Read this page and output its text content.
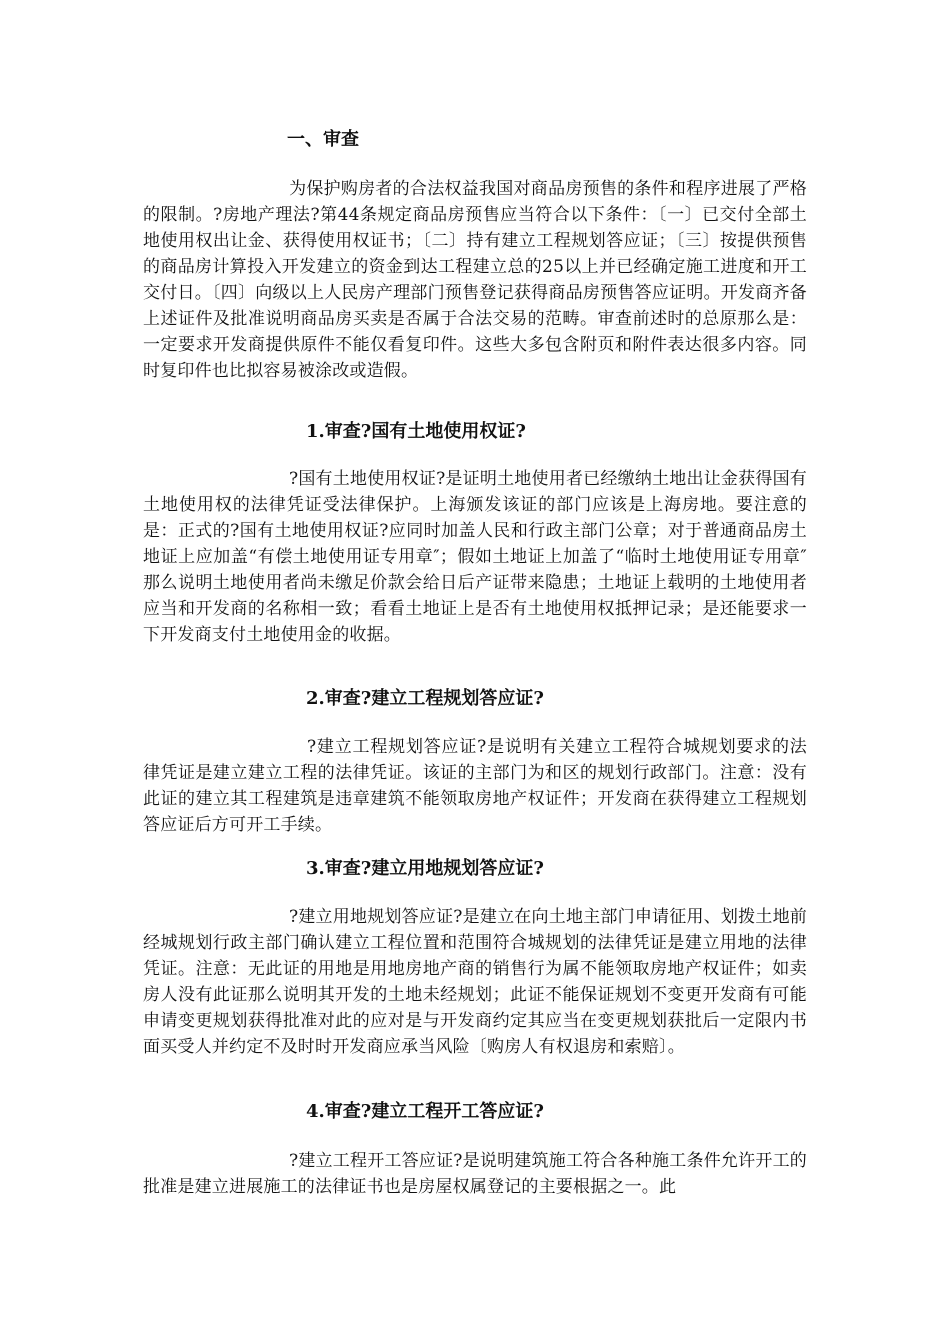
一、审查

为保护购房者的合法权益我国对商品房预售的条件和程序进展了严格的限制。?房地产理法?第44条规定商品房预售应当符合以下条件：〔一〕已交付全部土地使用权出让金、获得使用权证书；〔二〕持有建立工程规划答应证；〔三〕按提供预售的商品房计算投入开发建立的资金到达工程建立总的25以上并已经确定施工进度和开工交付日。〔四〕向级以上人民房产理部门预售登记获得商品房预售答应证明。开发商齐备上述证件及批准说明商品房买卖是否属于合法交易的范畴。审查前述时的总原那么是：一定要求开发商提供原件不能仅看复印件。这些大多包含附页和附件表达很多内容。同时复印件也比拟容易被涂改或造假。

1.审查?国有土地使用权证?

?国有土地使用权证?是证明土地使用者已经缴纳土地出让金获得国有土地使用权的法律凭证受法律保护。上海颁发该证的部门应该是上海房地。要注意的是：正式的?国有土地使用权证?应同时加盖人民和行政主部门公章；对于普通商品房土地证上应加盖“有偿土地使用证专用章″；假如土地证上加盖了“临时土地使用证专用章″那么说明土地使用者尚未缴足价款会给日后产证带来隐患；土地证上载明的土地使用者应当和开发商的名称相一致；看看土地证上是否有土地使用权抵押记录；是还能要求一下开发商支付土地使用金的收据。

2.审查?建立工程规划答应证?

?建立工程规划答应证?是说明有关建立工程符合城规划要求的法律凭证是建立建立工程的法律凭证。该证的主部门为和区的规划行政部门。注意：没有此证的建立其工程建筑是违章建筑不能领取房地产权证件；开发商在获得建立工程规划答应证后方可开工手续。

3.审查?建立用地规划答应证?

?建立用地规划答应证?是建立在向土地主部门申请征用、划拨土地前经城规划行政主部门确认建立工程位置和范围符合城规划的法律凭证是建立用地的法律凭证。注意：无此证的用地是用地房地产商的销售行为属不能领取房地产权证件；如卖房人没有此证那么说明其开发的土地未经规划；此证不能保证规划不变更开发商有可能申请变更规划获得批准对此的应对是与开发商约定其应当在变更规划获批后一定限内书面买受人并约定不及时时开发商应承当风险〔购房人有权退房和索赔〕。

4.审查?建立工程开工答应证?

?建立工程开工答应证?是说明建筑施工符合各种施工条件允许开工的批准是建立进展施工的法律证书也是房屋权属登记的主要根据之一。此
